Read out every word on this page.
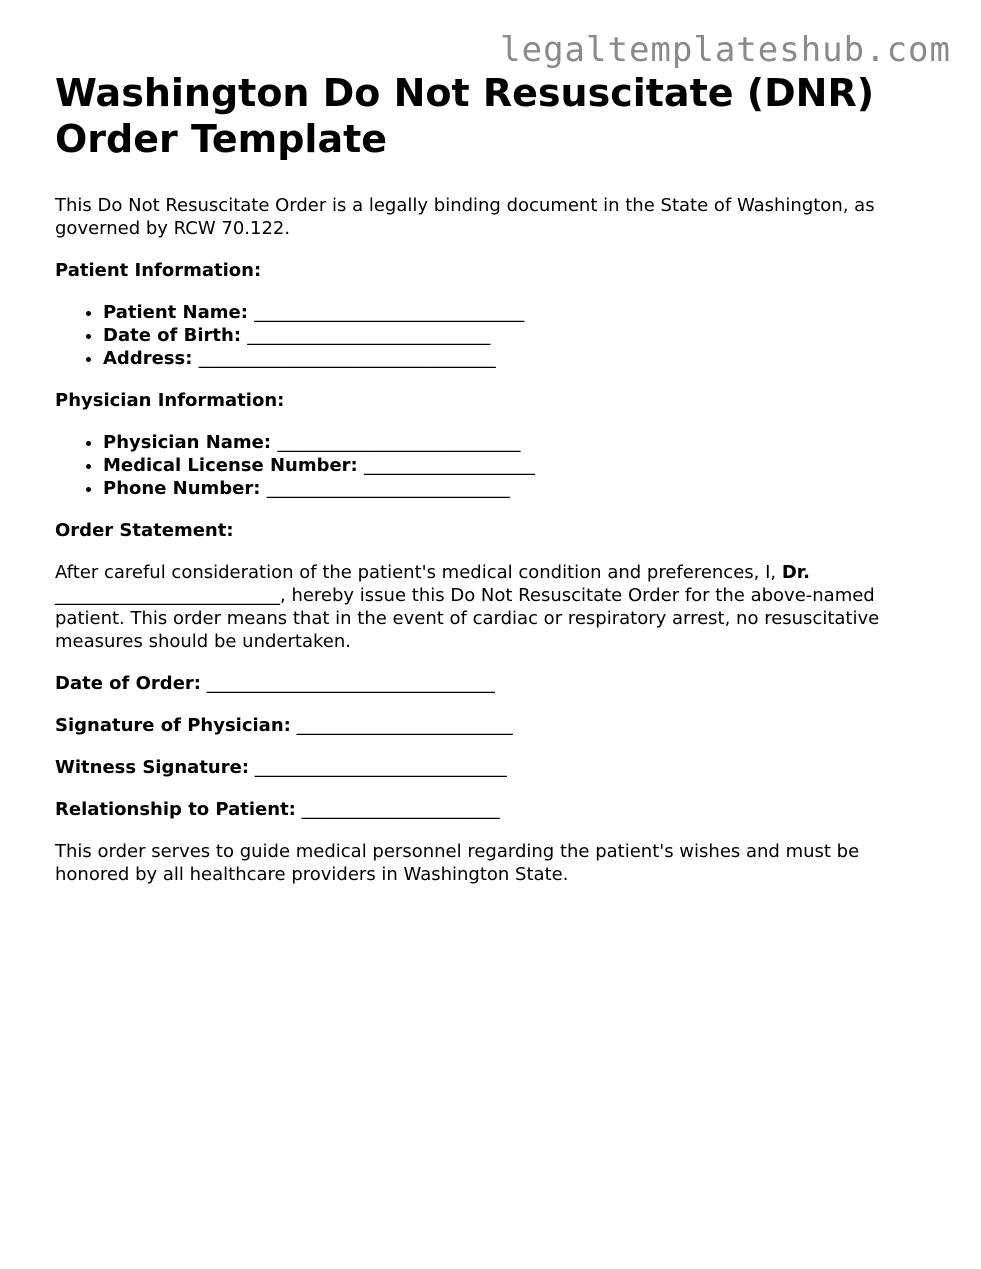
legaltemplateshub.com
Washington Do Not Resuscitate (DNR) Order Template

This Do Not Resuscitate Order is a legally binding document in the State of Washington, as governed by RCW 70.122.

Patient Information:

• Patient Name: ______________________________
• Date of Birth: ___________________________
• Address: _________________________________

Physician Information:

• Physician Name: ___________________________
• Medical License Number: ___________________
• Phone Number: ___________________________

Order Statement:

After careful consideration of the patient's medical condition and preferences, I, Dr. _________________________, hereby issue this Do Not Resuscitate Order for the above-named patient. This order means that in the event of cardiac or respiratory arrest, no resuscitative measures should be undertaken.

Date of Order: ________________________________

Signature of Physician: ________________________

Witness Signature: ____________________________

Relationship to Patient: ______________________

This order serves to guide medical personnel regarding the patient's wishes and must be honored by all healthcare providers in Washington State.
